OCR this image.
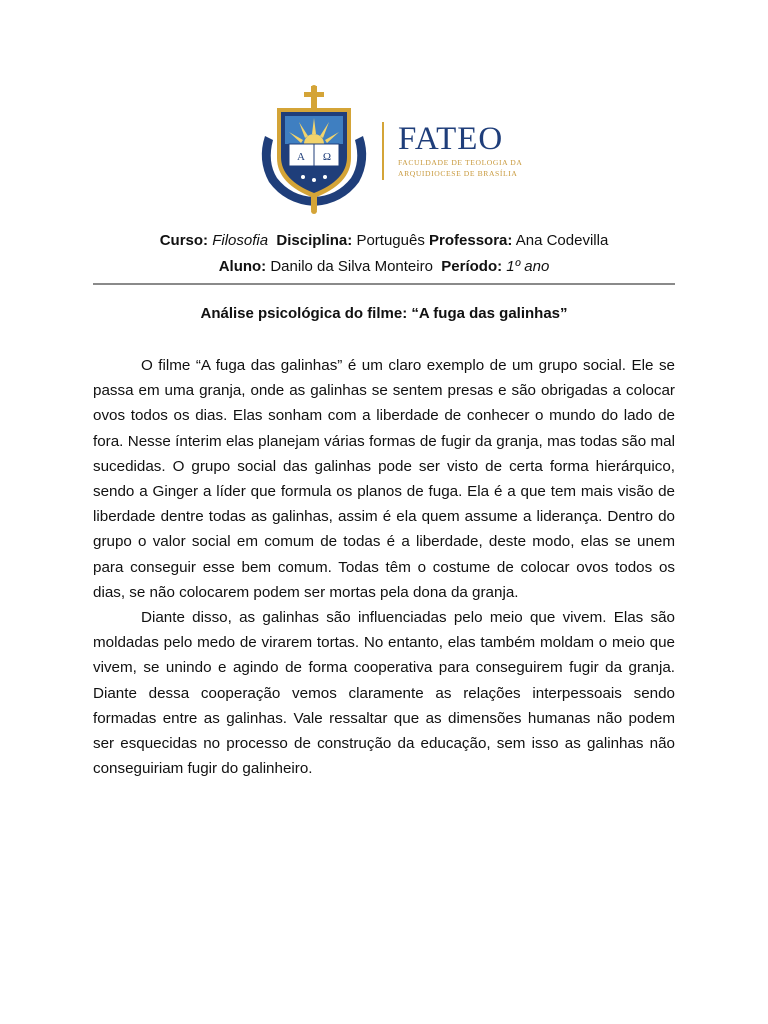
A Ω FATEO
FACULDADE DE TEOLOGIA DA
ARQUIDIOCESE DE BRASÍLIA
Curso: Filosofia Disciplina: Português Professora: Ana Codevilla
Aluno: Danilo da Silva Monteiro Período: 1º ano
Análise psicológica do filme: “A fuga das galinhas”

O filme “A fuga das galinhas” é um claro exemplo de um grupo social. Ele se passa em uma granja, onde as galinhas se sentem presas e são obrigadas a colocar ovos todos os dias. Elas sonham com a liberdade de conhecer o mundo do lado de fora. Nesse ínterim elas planejam várias formas de fugir da granja, mas todas são mal sucedidas. O grupo social das galinhas pode ser visto de certa forma hierárquico, sendo a Ginger a líder que formula os planos de fuga. Ela é a que tem mais visão de liberdade dentre todas as galinhas, assim é ela quem assume a liderança. Dentro do grupo o valor social em comum de todas é a liberdade, deste modo, elas se unem para conseguir esse bem comum. Todas têm o costume de colocar ovos todos os dias, se não colocarem podem ser mortas pela dona da granja.

Diante disso, as galinhas são influenciadas pelo meio que vivem. Elas são moldadas pelo medo de virarem tortas. No entanto, elas também moldam o meio que vivem, se unindo e agindo de forma cooperativa para conseguirem fugir da granja. Diante dessa cooperação vemos claramente as relações interpessoais sendo formadas entre as galinhas. Vale ressaltar que as dimensões humanas não podem ser esquecidas no processo de construção da educação, sem isso as galinhas não conseguiriam fugir do galinheiro.
